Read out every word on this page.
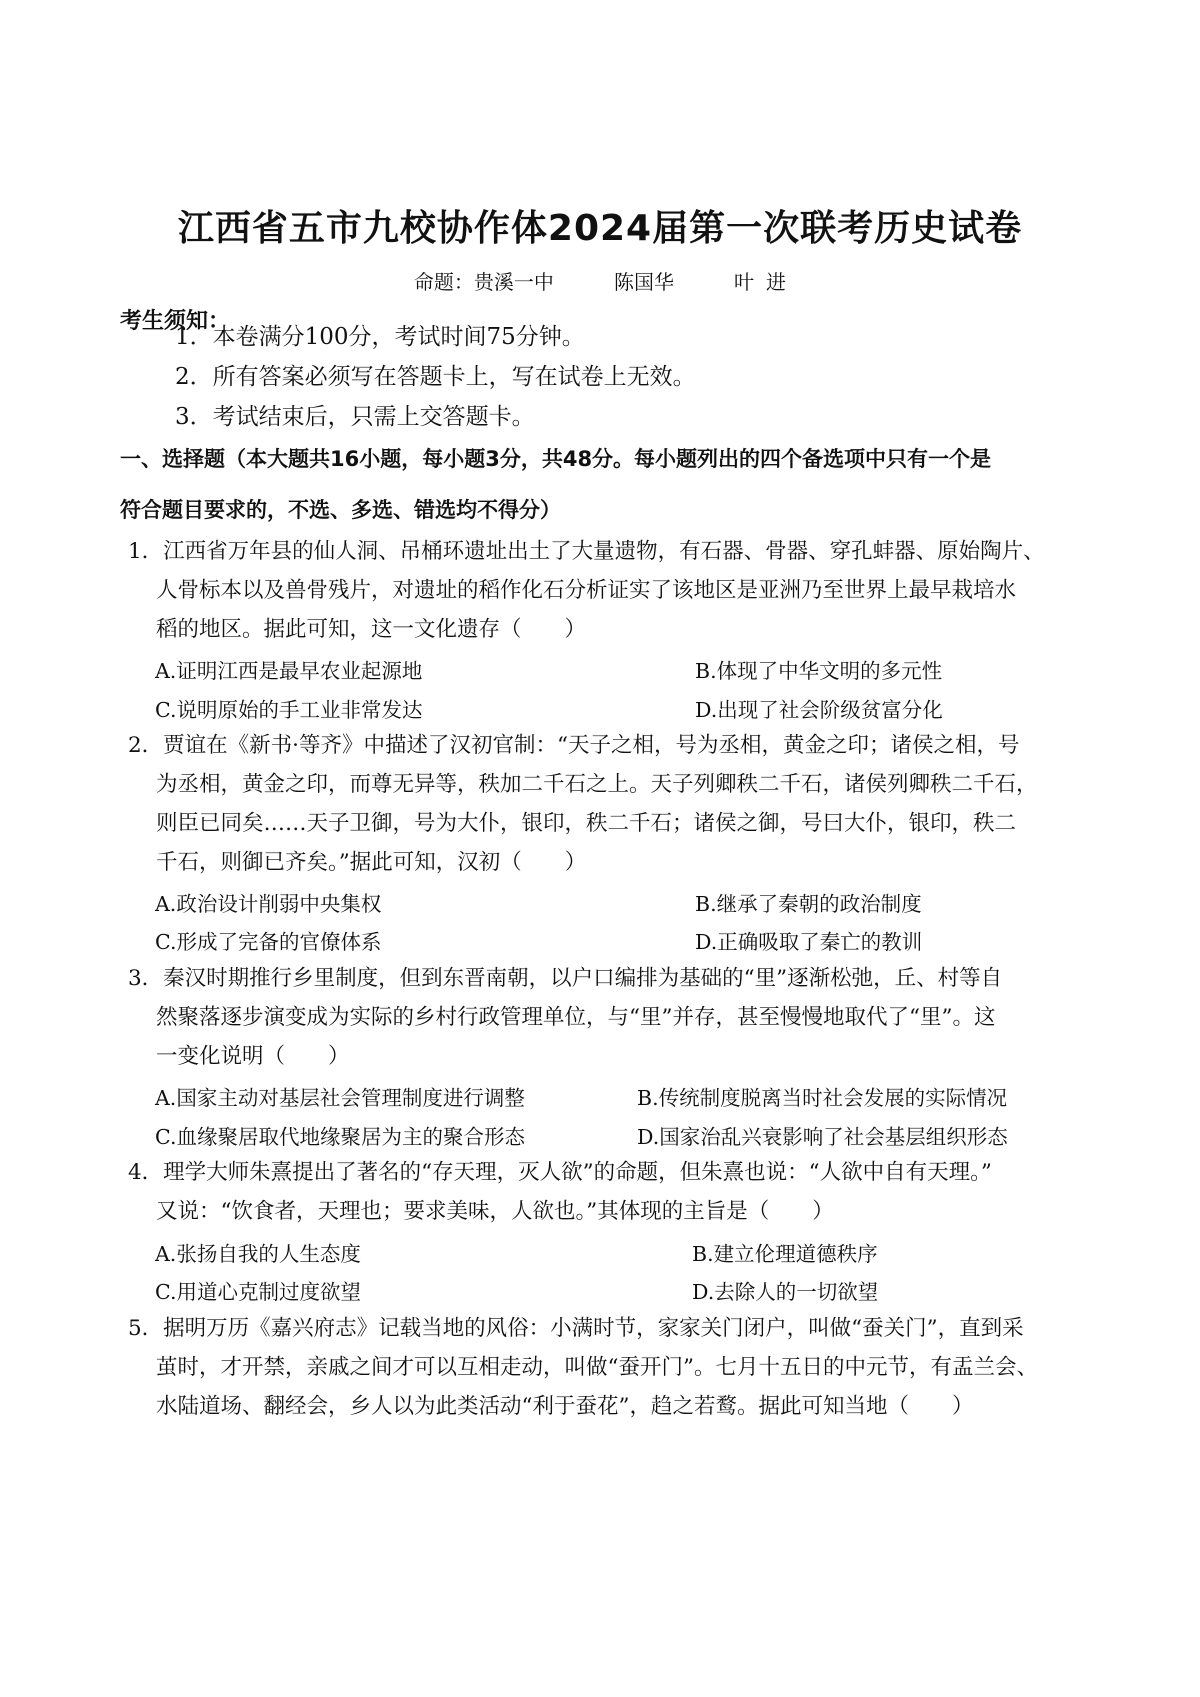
江西省五市九校协作体2024届第一次联考历史试卷
命题：贵溪一中	陈国华	叶 进
考生须知：
1．本卷满分100分，考试时间75分钟。
2．所有答案必须写在答题卡上，写在试卷上无效。
3．考试结束后，只需上交答题卡。
一、选择题（本大题共16小题，每小题3分，共48分。每小题列出的四个备选项中只有一个是
符合题目要求的，不选、多选、错选均不得分）
1．江西省万年县的仙人洞、吊桶环遗址出土了大量遗物，有石器、骨器、穿孔蚌器、原始陶片、
人骨标本以及兽骨残片，对遗址的稻作化石分析证实了该地区是亚洲乃至世界上最早栽培水
稻的地区。据此可知，这一文化遗存（　　）
A.证明江西是最早农业起源地	B.体现了中华文明的多元性
C.说明原始的手工业非常发达	D.出现了社会阶级贫富分化
2．贾谊在《新书·等齐》中描述了汉初官制：“天子之相，号为丞相，黄金之印；诸侯之相，号
为丞相，黄金之印，而尊无异等，秩加二千石之上。天子列卿秩二千石，诸侯列卿秩二千石，
则臣已同矣……天子卫御，号为大仆，银印，秩二千石；诸侯之御，号曰大仆，银印，秩二
千石，则御已齐矣。”据此可知，汉初（　　）
A.政治设计削弱中央集权	B.继承了秦朝的政治制度
C.形成了完备的官僚体系	D.正确吸取了秦亡的教训
3．秦汉时期推行乡里制度，但到东晋南朝，以户口编排为基础的“里”逐渐松弛，丘、村等自
然聚落逐步演变成为实际的乡村行政管理单位，与“里”并存，甚至慢慢地取代了“里”。这
一变化说明（　　）
A.国家主动对基层社会管理制度进行调整	B.传统制度脱离当时社会发展的实际情况
C.血缘聚居取代地缘聚居为主的聚合形态	D.国家治乱兴衰影响了社会基层组织形态
4．理学大师朱熹提出了著名的“存天理，灭人欲”的命题，但朱熹也说：“人欲中自有天理。”
又说：“饮食者，天理也；要求美味，人欲也。”其体现的主旨是（　　）
A.张扬自我的人生态度	B.建立伦理道德秩序
C.用道心克制过度欲望	D.去除人的一切欲望
5．据明万历《嘉兴府志》记载当地的风俗：小满时节，家家关门闭户，叫做“蚕关门”，直到采
茧时，才开禁，亲戚之间才可以互相走动，叫做“蚕开门”。七月十五日的中元节，有盂兰会、
水陆道场、翻经会，乡人以为此类活动“利于蚕花”，趋之若鹜。据此可知当地（　　）
